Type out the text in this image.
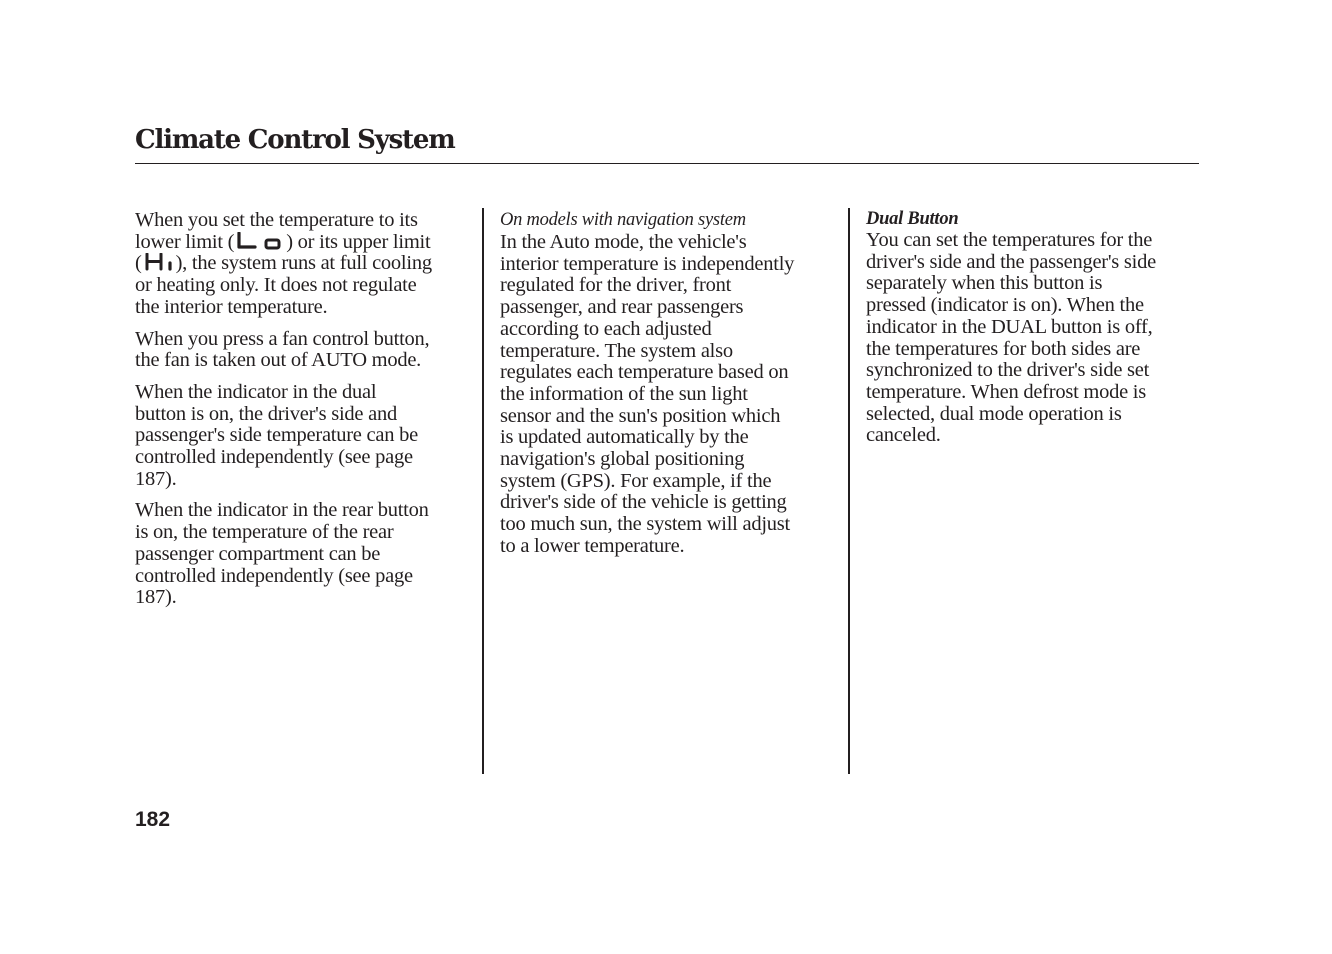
Climate Control System
When you set the temperature to its
lower limit (	) or its upper limit
( ), the system runs at full cooling
or heating only. It does not regulate
the interior temperature.
When you press a fan control button,
the fan is taken out of AUTO mode.
When the indicator in the dual
button is on, the driver's side and
passenger's side temperature can be
controlled independently (see page
187).
When the indicator in the rear button
is on, the temperature of the rear
passenger compartment can be
controlled independently (see page
187).
On models with navigation system
In the Auto mode, the vehicle's
interior temperature is independently
regulated for the driver, front
passenger, and rear passengers
according to each adjusted
temperature. The system also
regulates each temperature based on
the information of the sun light
sensor and the sun's position which
is updated automatically by the
navigation's global positioning
system (GPS). For example, if the
driver's side of the vehicle is getting
too much sun, the system will adjust
to a lower temperature.
Dual Button
You can set the temperatures for the
driver's side and the passenger's side
separately when this button is
pressed (indicator is on). When the
indicator in the DUAL button is off,
the temperatures for both sides are
synchronized to the driver's side set
temperature. When defrost mode is
selected, dual mode operation is
canceled.
182
